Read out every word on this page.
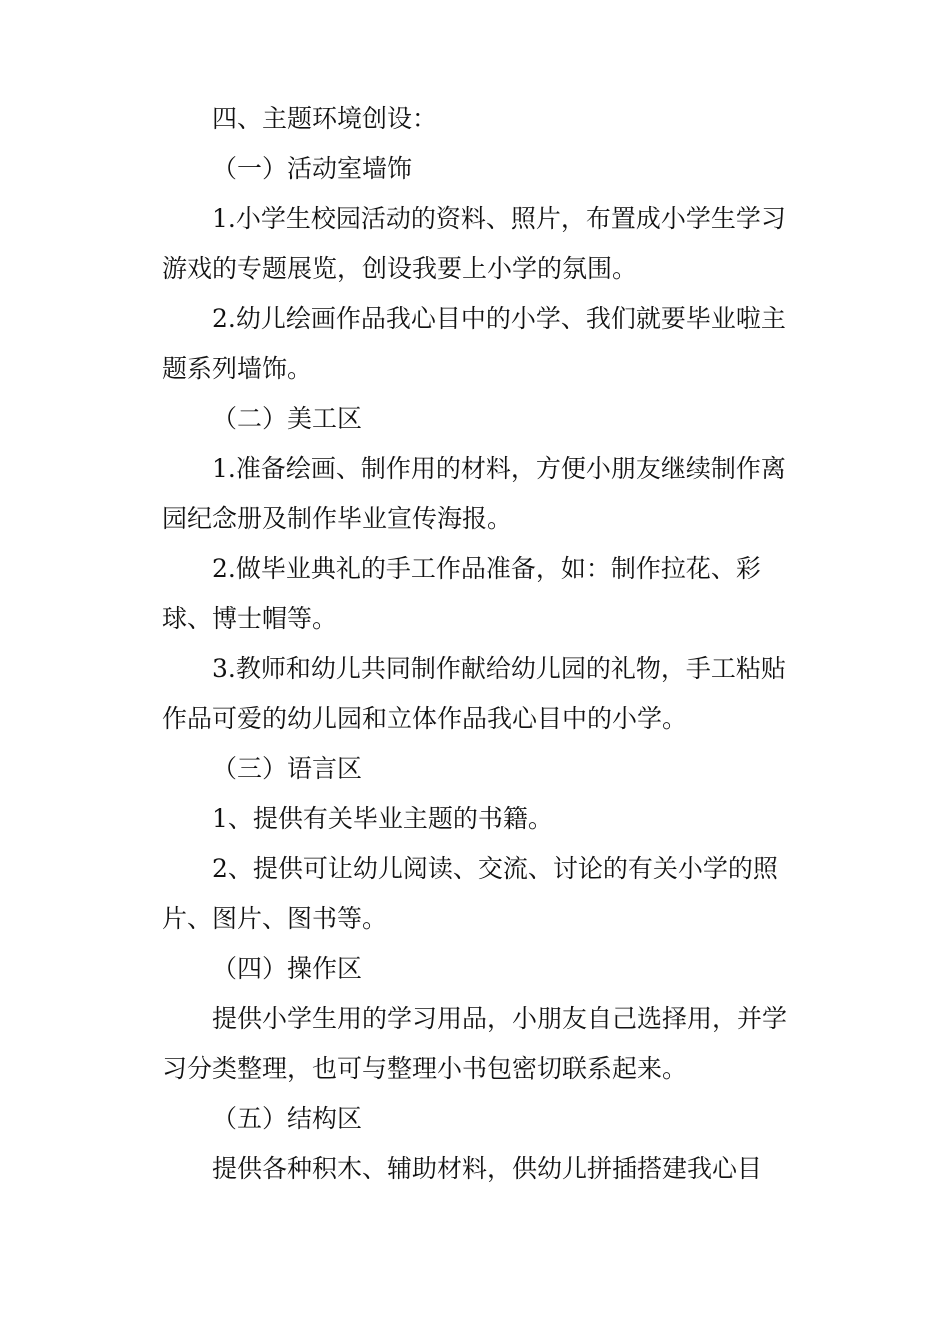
四、主题环境创设：

（一）活动室墙饰

1.小学生校园活动的资料、照片，布置成小学生学习游戏的专题展览，创设我要上小学的氛围。

2.幼儿绘画作品我心目中的小学、我们就要毕业啦主题系列墙饰。

（二）美工区

1.准备绘画、制作用的材料，方便小朋友继续制作离园纪念册及制作毕业宣传海报。

2.做毕业典礼的手工作品准备，如：制作拉花、彩球、博士帽等。

3.教师和幼儿共同制作献给幼儿园的礼物，手工粘贴作品可爱的幼儿园和立体作品我心目中的小学。

（三）语言区

1、提供有关毕业主题的书籍。

2、提供可让幼儿阅读、交流、讨论的有关小学的照片、图片、图书等。

（四）操作区

提供小学生用的学习用品，小朋友自己选择用，并学习分类整理，也可与整理小书包密切联系起来。

（五）结构区

提供各种积木、辅助材料，供幼儿拼插搭建我心目
